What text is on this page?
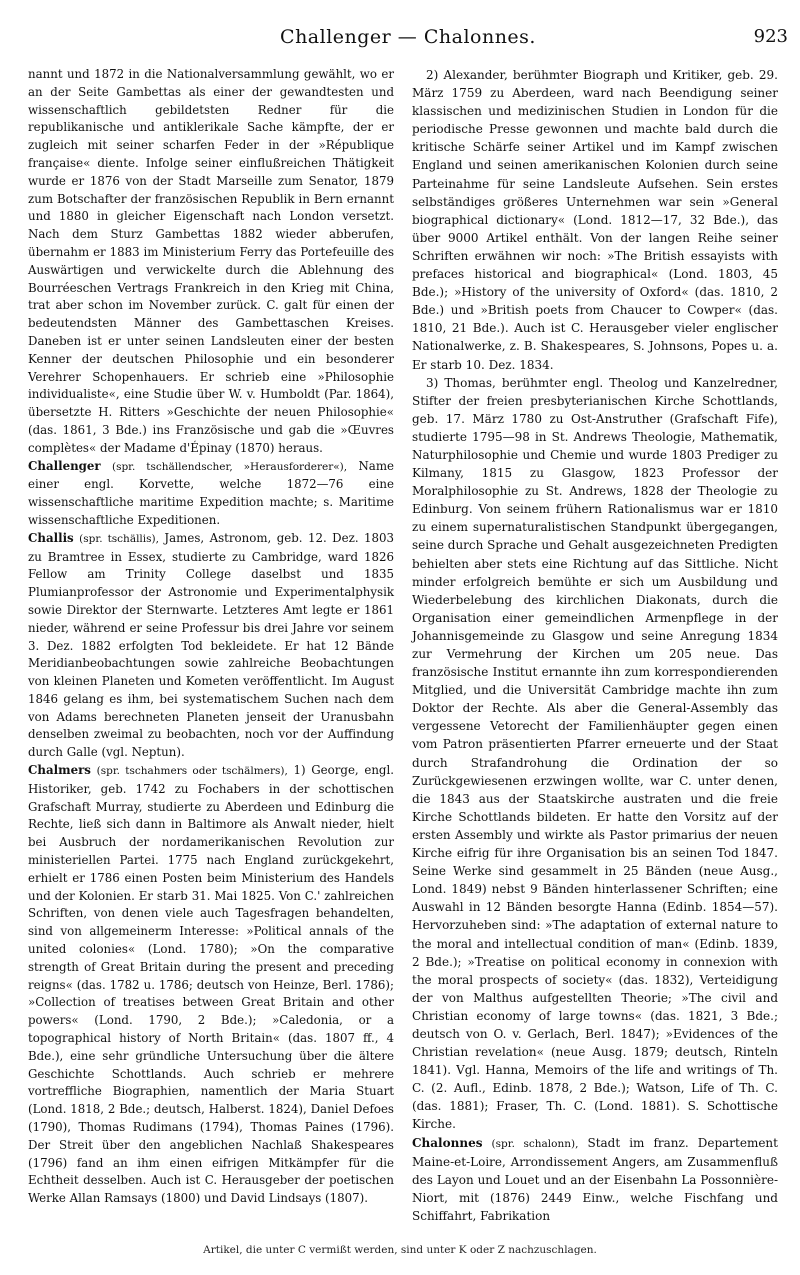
Challenger — Chalonnes.	923

nannt und 1872 in die Nationalversammlung gewählt, wo er an der Seite Gambettas als einer der gewandtesten und wissenschaftlich gebildetsten Redner für die republikanische und antiklerikale Sache kämpfte, der er zugleich mit seiner scharfen Feder in der »République française« diente. Infolge seiner einflußreichen Thätigkeit wurde er 1876 von der Stadt Marseille zum Senator, 1879 zum Botschafter der französischen Republik in Bern ernannt und 1880 in gleicher Eigenschaft nach London versetzt. Nach dem Sturz Gambettas 1882 wieder abberufen, übernahm er 1883 im Ministerium Ferry das Portefeuille des Auswärtigen und verwickelte durch die Ablehnung des Bourréeschen Vertrags Frankreich in den Krieg mit China, trat aber schon im November zurück. C. galt für einen der bedeutendsten Männer des Gambettaschen Kreises. Daneben ist er unter seinen Landsleuten einer der besten Kenner der deutschen Philosophie und ein besonderer Verehrer Schopenhauers. Er schrieb eine »Philosophie individualiste«, eine Studie über W. v. Humboldt (Par. 1864), übersetzte H. Ritters »Geschichte der neuen Philosophie« (das. 1861, 3 Bde.) ins Französische und gab die »Œuvres complètes« der Madame d'Épinay (1870) heraus.

Challenger (spr. tschällendscher, »Herausforderer«), Name einer engl. Korvette, welche 1872—76 eine wissenschaftliche maritime Expedition machte; s. Maritime wissenschaftliche Expeditionen.

Challis (spr. tschällis), James, Astronom, geb. 12. Dez. 1803 zu Bramtree in Essex, studierte zu Cambridge, ward 1826 Fellow am Trinity College daselbst und 1835 Plumianprofessor der Astronomie und Experimentalphysik sowie Direktor der Sternwarte. Letzteres Amt legte er 1861 nieder, während er seine Professur bis drei Jahre vor seinem 3. Dez. 1882 erfolgten Tod bekleidete. Er hat 12 Bände Meridianbeobachtungen sowie zahlreiche Beobachtungen von kleinen Planeten und Kometen veröffentlicht. Im August 1846 gelang es ihm, bei systematischem Suchen nach dem von Adams berechneten Planeten jenseit der Uranusbahn denselben zweimal zu beobachten, noch vor der Auffindung durch Galle (vgl. Neptun).

Chalmers (spr. tschahmers oder tschälmers), 1) George, engl. Historiker, geb. 1742 zu Fochabers in der schottischen Grafschaft Murray, studierte zu Aberdeen und Edinburg die Rechte, ließ sich dann in Baltimore als Anwalt nieder, hielt bei Ausbruch der nordamerikanischen Revolution zur ministeriellen Partei. 1775 nach England zurückgekehrt, erhielt er 1786 einen Posten beim Ministerium des Handels und der Kolonien. Er starb 31. Mai 1825. Von C.' zahlreichen Schriften, von denen viele auch Tagesfragen behandelten, sind von allgemeinerm Interesse: »Political annals of the united colonies« (Lond. 1780); »On the comparative strength of Great Britain during the present and preceding reigns« (das. 1782 u. 1786; deutsch von Heinze, Berl. 1786); »Collection of treatises between Great Britain and other powers« (Lond. 1790, 2 Bde.); »Caledonia, or a topographical history of North Britain« (das. 1807 ff., 4 Bde.), eine sehr gründliche Untersuchung über die ältere Geschichte Schottlands. Auch schrieb er mehrere vortreffliche Biographien, namentlich der Maria Stuart (Lond. 1818, 2 Bde.; deutsch, Halberst. 1824), Daniel Defoes (1790), Thomas Rudimans (1794), Thomas Paines (1796). Der Streit über den angeblichen Nachlaß Shakespeares (1796) fand an ihm einen eifrigen Mitkämpfer für die Echtheit desselben. Auch ist C. Herausgeber der poetischen Werke Allan Ramsays (1800) und David Lindsays (1807).

2) Alexander, berühmter Biograph und Kritiker, geb. 29. März 1759 zu Aberdeen, ward nach Beendigung seiner klassischen und medizinischen Studien in London für die periodische Presse gewonnen und machte bald durch die kritische Schärfe seiner Artikel und im Kampf zwischen England und seinen amerikanischen Kolonien durch seine Parteinahme für seine Landsleute Aufsehen. Sein erstes selbständiges größeres Unternehmen war sein »General biographical dictionary« (Lond. 1812—17, 32 Bde.), das über 9000 Artikel enthält. Von der langen Reihe seiner Schriften erwähnen wir noch: »The British essayists with prefaces historical and biographical« (Lond. 1803, 45 Bde.); »History of the university of Oxford« (das. 1810, 2 Bde.) und »British poets from Chaucer to Cowper« (das. 1810, 21 Bde.). Auch ist C. Herausgeber vieler englischer Nationalwerke, z. B. Shakespeares, S. Johnsons, Popes u. a. Er starb 10. Dez. 1834.

3) Thomas, berühmter engl. Theolog und Kanzelredner, Stifter der freien presbyterianischen Kirche Schottlands, geb. 17. März 1780 zu Ost-Anstruther (Grafschaft Fife), studierte 1795—98 in St. Andrews Theologie, Mathematik, Naturphilosophie und Chemie und wurde 1803 Prediger zu Kilmany, 1815 zu Glasgow, 1823 Professor der Moralphilosophie zu St. Andrews, 1828 der Theologie zu Edinburg. Von seinem frühern Rationalismus war er 1810 zu einem supernaturalistischen Standpunkt übergegangen, seine durch Sprache und Gehalt ausgezeichneten Predigten behielten aber stets eine Richtung auf das Sittliche. Nicht minder erfolgreich bemühte er sich um Ausbildung und Wiederbelebung des kirchlichen Diakonats, durch die Organisation einer gemeindlichen Armenpflege in der Johannisgemeinde zu Glasgow und seine Anregung 1834 zur Vermehrung der Kirchen um 205 neue. Das französische Institut ernannte ihn zum korrespondierenden Mitglied, und die Universität Cambridge machte ihn zum Doktor der Rechte. Als aber die General-Assembly das vergessene Vetorecht der Familienhäupter gegen einen vom Patron präsentierten Pfarrer erneuerte und der Staat durch Strafandrohung die Ordination der so Zurückgewiesenen erzwingen wollte, war C. unter denen, die 1843 aus der Staatskirche austraten und die freie Kirche Schottlands bildeten. Er hatte den Vorsitz auf der ersten Assembly und wirkte als Pastor primarius der neuen Kirche eifrig für ihre Organisation bis an seinen Tod 1847. Seine Werke sind gesammelt in 25 Bänden (neue Ausg., Lond. 1849) nebst 9 Bänden hinterlassener Schriften; eine Auswahl in 12 Bänden besorgte Hanna (Edinb. 1854—57). Hervorzuheben sind: »The adaptation of external nature to the moral and intellectual condition of man« (Edinb. 1839, 2 Bde.); »Treatise on political economy in connexion with the moral prospects of society« (das. 1832), Verteidigung der von Malthus aufgestellten Theorie; »The civil and Christian economy of large towns« (das. 1821, 3 Bde.; deutsch von O. v. Gerlach, Berl. 1847); »Evidences of the Christian revelation« (neue Ausg. 1879; deutsch, Rinteln 1841). Vgl. Hanna, Memoirs of the life and writings of Th. C. (2. Aufl., Edinb. 1878, 2 Bde.); Watson, Life of Th. C. (das. 1881); Fraser, Th. C. (Lond. 1881). S. Schottische Kirche.

Chalonnes (spr. schalonn), Stadt im franz. Departement Maine-et-Loire, Arrondissement Angers, am Zusammenfluß des Layon und Louet und an der Eisenbahn La Possonnière-Niort, mit (1876) 2449 Einw., welche Fischfang und Schiffahrt, Fabrikation

Artikel, die unter C vermißt werden, sind unter K oder Z nachzuschlagen.
